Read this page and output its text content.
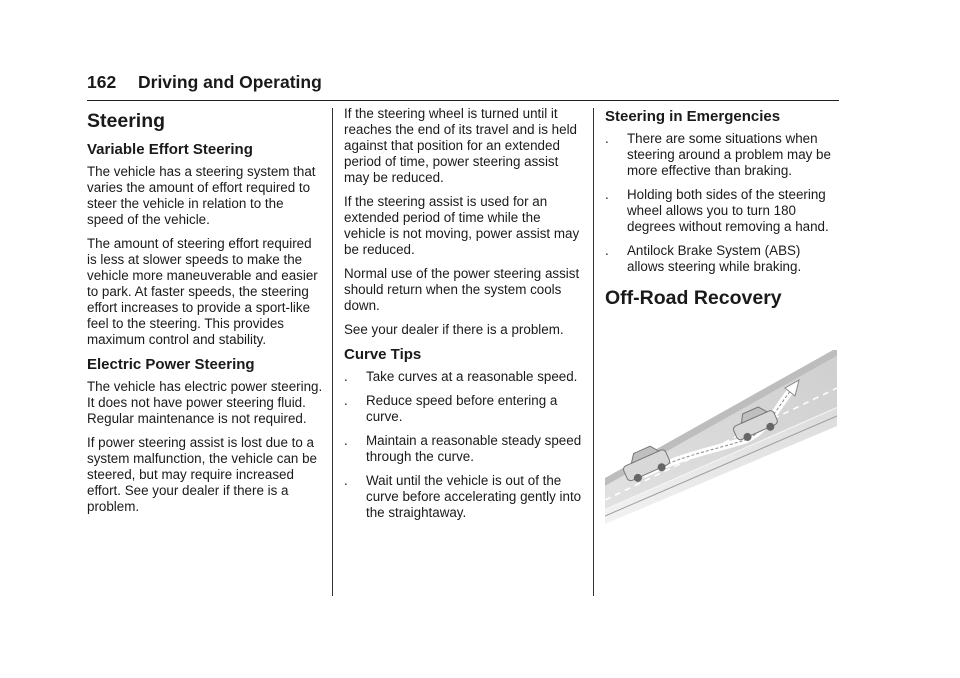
162 Driving and Operating
Steering
Variable Effort Steering

The vehicle has a steering system that varies the amount of effort required to steer the vehicle in relation to the speed of the vehicle.

The amount of steering effort required is less at slower speeds to make the vehicle more maneuverable and easier to park. At faster speeds, the steering effort increases to provide a sport-like feel to the steering. This provides maximum control and stability.

Electric Power Steering

The vehicle has electric power steering. It does not have power steering fluid. Regular maintenance is not required.

If power steering assist is lost due to a system malfunction, the vehicle can be steered, but may require increased effort. See your dealer if there is a problem.

If the steering wheel is turned until it reaches the end of its travel and is held against that position for an extended period of time, power steering assist may be reduced.

If the steering assist is used for an extended period of time while the vehicle is not moving, power assist may be reduced.

Normal use of the power steering assist should return when the system cools down.

See your dealer if there is a problem.

Curve Tips
. Take curves at a reasonable speed.
. Reduce speed before entering a curve.
. Maintain a reasonable steady speed through the curve.
. Wait until the vehicle is out of the curve before accelerating gently into the straightaway.
Steering in Emergencies
. There are some situations when steering around a problem may be more effective than braking.
. Holding both sides of the steering wheel allows you to turn 180 degrees without removing a hand.
. Antilock Brake System (ABS) allows steering while braking.
Off-Road Recovery
